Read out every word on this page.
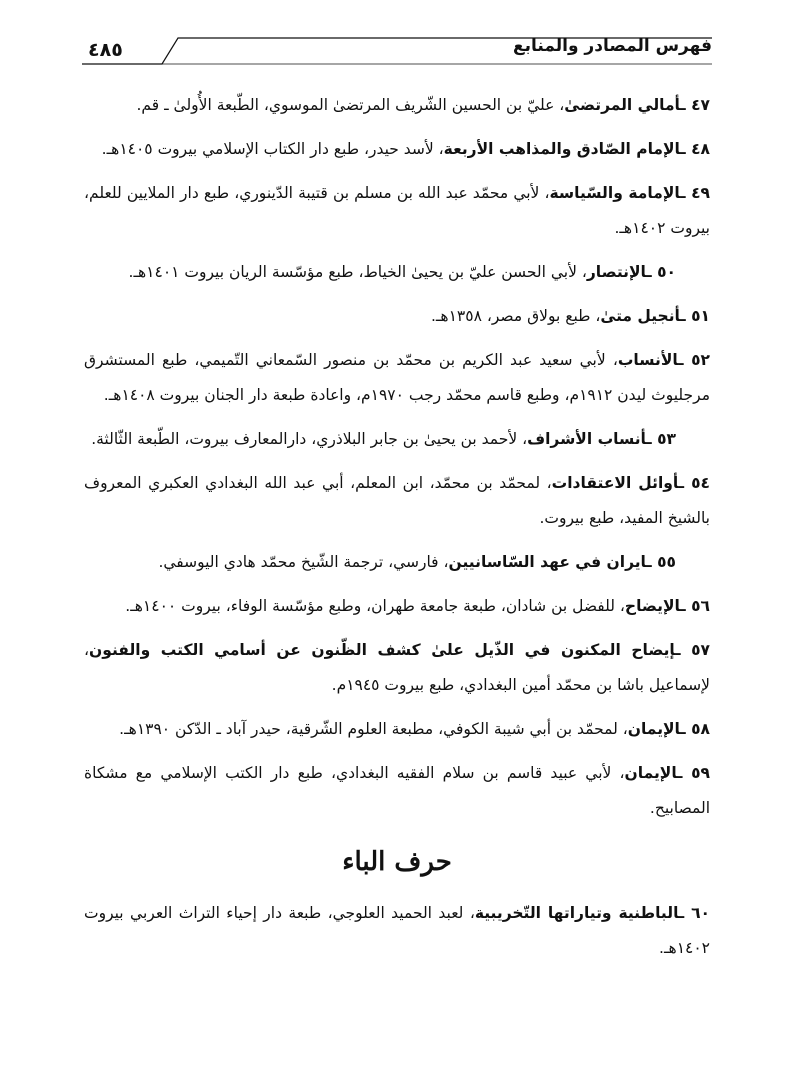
٤٨٥	فهرس المصادر والمنابع

٤٧ ـأمالي المرتضىٰ، عليّ بن الحسين الشّريف المرتضىٰ الموسوي، الطّبعة الأُولىٰ ـ قم.

٤٨ ـالإمام الصّادق والمذاهب الأربعة، لأسد حيدر، طبع دار الكتاب الإسلامي بيروت ١٤٠٥هـ.

٤٩ ـالإمامة والسّياسة، لأبي محمّد عبد الله بن مسلم بن قتيبة الدّينوري، طبع دار الملايين للعلم، بيروت ١٤٠٢هـ.

٥٠ ـالإنتصار، لأبي الحسن عليّ بن يحيىٰ الخياط، طبع مؤسّسة الريان بيروت ١٤٠١هـ.

٥١ ـأنجيل متىٰ، طبع بولاق مصر، ١٣٥٨هـ.

٥٢ ـالأنساب، لأبي سعيد عبد الكريم بن محمّد بن منصور السّمعاني التّميمي، طبع المستشرق مرجليوث ليدن ١٩١٢م، وطبع قاسم محمّد رجب ١٩٧٠م، واعادة طبعة دار الجنان بيروت ١٤٠٨هـ.

٥٣ ـأنساب الأشراف، لأحمد بن يحيىٰ بن جابر البلاذري، دارالمعارف بيروت، الطّبعة الثّالثة.

٥٤ ـأوائل الاعتقادات، لمحمّد بن محمّد، ابن المعلم، أبي عبد الله البغدادي العكبري المعروف بالشيخ المفيد، طبع بيروت.

٥٥ ـايران في عهد السّاسانيين، فارسي، ترجمة الشّيخ محمّد هادي اليوسفي.

٥٦ ـالإيضاح، للفضل بن شادان، طبعة جامعة طهران، وطبع مؤسّسة الوفاء، بيروت ١٤٠٠هـ.

٥٧ ـإيضاح المكنون في الذّيل علىٰ كشف الظّنون عن أسامي الكتب والفنون، لإسماعيل باشا بن محمّد أمين البغدادي، طبع بيروت ١٩٤٥م.

٥٨ ـالإيمان، لمحمّد بن أبي شيبة الكوفي، مطبعة العلوم الشّرقية، حيدر آباد ـ الدّكن ١٣٩٠هـ.

٥٩ ـالإيمان، لأبي عبيد قاسم بن سلام الفقيه البغدادي، طبع دار الكتب الإسلامي مع مشكاة المصابيح.

حرف الباء

٦٠ ـالباطنية وتياراتها التّخريبية، لعبد الحميد العلوجي، طبعة دار إحياء التراث العربي بيروت ١٤٠٢هـ.
